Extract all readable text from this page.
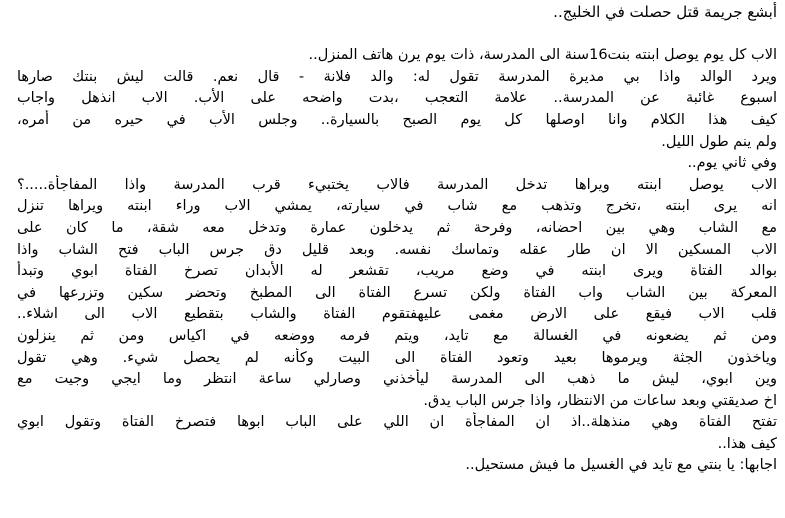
أبشع جريمة قتل حصلت في الخليج..
الاب كل يوم يوصل ابنته بنت16سنة الى المدرسة، ذات يوم يرن هاتف المنزل..
ويرد الوالد واذا بي مديرة المدرسة تقول له: والد فلانة - قال نعم. قالت ليش بنتك صارها
اسبوع غائبة عن المدرسة.. علامة التعجب ،بدت واضحه على الأب. الاب انذهل واجاب
كيف هذا الكلام وانا اوصلها كل يوم الصبح بالسيارة.. وجلس الأب في حيره من أمره،
ولم ينم طول الليل.
وفي ثاني يوم..
الاب يوصل ابنته ويراها تدخل المدرسة فالاب يختبيء قرب المدرسة واذا المفاجأة.....؟
انه يرى ابنته ،تخرج وتذهب مع شاب في سيارته، يمشي الاب وراء ابنته ويراها تنزل
مع الشاب وهي بين احضانه، وفرحة ثم يدخلون عمارة وتدخل معه شقة، ما كان على
الاب المسكين الا ان طار عقله وتماسك نفسه. وبعد قليل دق جرس الباب فتح الشاب واذا
بوالد الفتاة ويرى ابنته في وضع مريب، تقشعر له الأبدان تصرخ الفتاة ابوي وتبدأ
المعركة بين الشاب واب الفتاة ولكن تسرع الفتاة الى المطبخ وتحضر سكين وتزرعها في
قلب الاب فيقع على الارض مغمى عليهفتقوم الفتاة والشاب بتقطيع الاب الى اشلاء..
ومن ثم يضعونه في الغسالة مع تايد، ويتم فرمه ووضعه في اكياس ومن ثم ينزلون
وياخذون الجثة ويرموها بعيد وتعود الفتاة الى البيت وكأنه لم يحصل شيء. وهي تقول
وين ابوي، ليش ما ذهب الى المدرسة ليأخذني وصارلي ساعة انتظر وما ايجي وجيت مع
اخ صديقتي وبعد ساعات من الانتظار، واذا جرس الباب يدق.
تفتح الفتاة وهي منذهلة..اذ ان المفاجأة ان اللي على الباب ابوها فتصرخ الفتاة وتقول ابوي
كيف هذا..
اجابها: يا بنتي مع تايد في الغسيل ما فيش مستحيل..
